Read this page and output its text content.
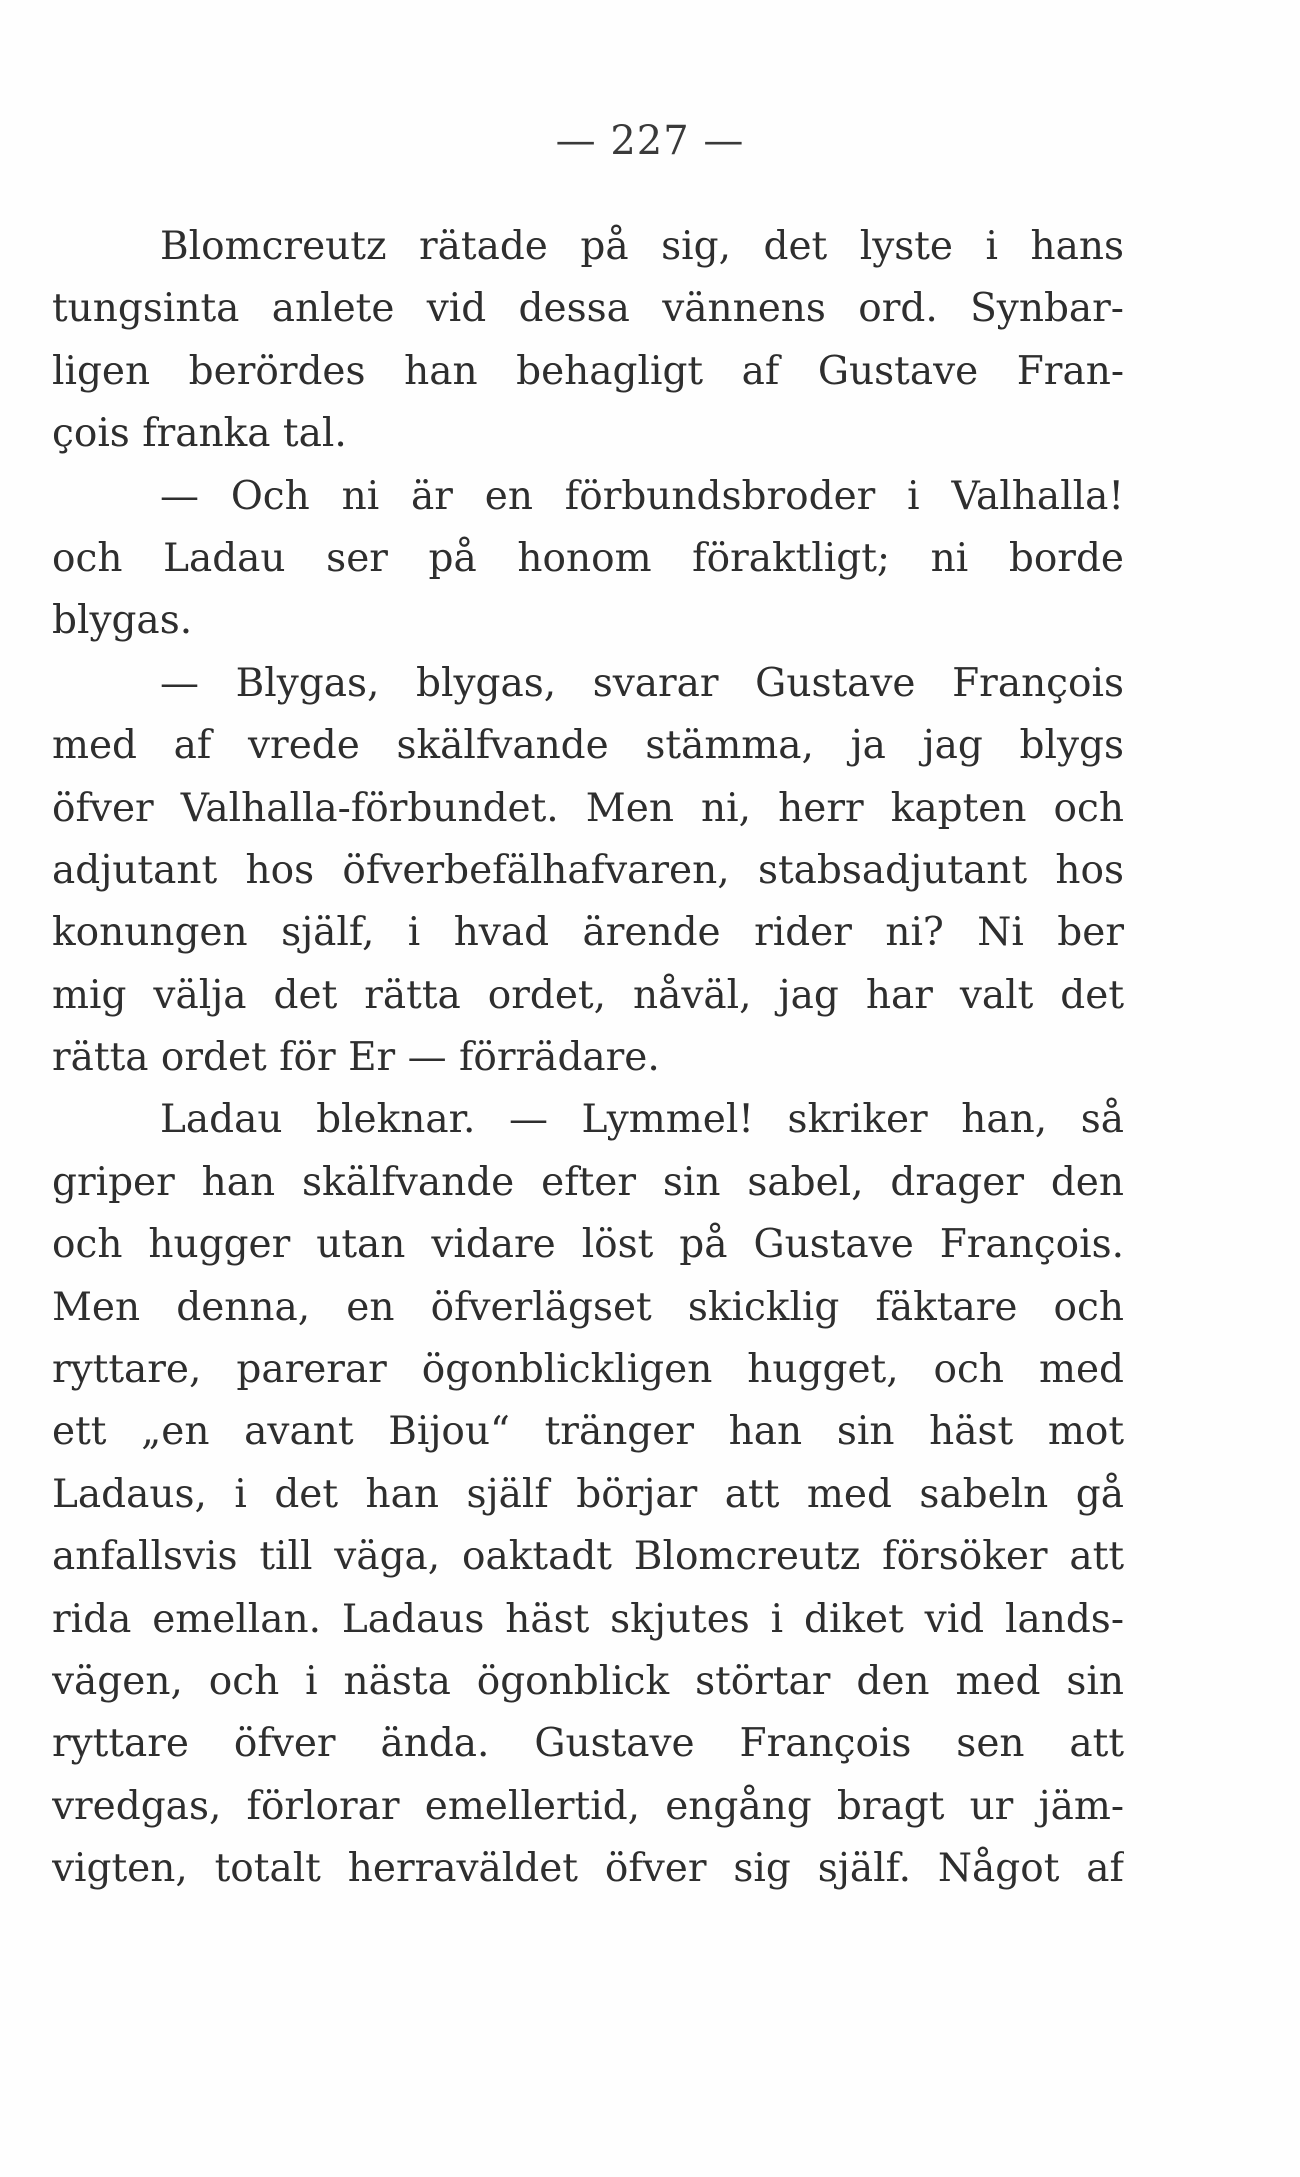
— 227 —
Blomcreutz rätade på sig, det lyste i hans
tungsinta anlete vid dessa vännens ord. Synbar-
ligen berördes han behagligt af Gustave Fran-
çois franka tal.
— Och ni är en förbundsbroder i Valhalla!
och Ladau ser på honom föraktligt; ni borde
blygas.
— Blygas, blygas, svarar Gustave François
med af vrede skälfvande stämma, ja jag blygs
öfver Valhalla-förbundet. Men ni, herr kapten och
adjutant hos öfverbefälhafvaren, stabsadjutant hos
konungen själf, i hvad ärende rider ni? Ni ber
mig välja det rätta ordet, nåväl, jag har valt det
rätta ordet för Er — förrädare.
Ladau bleknar. — Lymmel! skriker han, så
griper han skälfvande efter sin sabel, drager den
och hugger utan vidare löst på Gustave François.
Men denna, en öfverlägset skicklig fäktare och
ryttare, parerar ögonblickligen hugget, och med
ett „en avant Bijou“ tränger han sin häst mot
Ladaus, i det han själf börjar att med sabeln gå
anfallsvis till väga, oaktadt Blomcreutz försöker att
rida emellan. Ladaus häst skjutes i diket vid lands-
vägen, och i nästa ögonblick störtar den med sin
ryttare öfver ända. Gustave François sen att
vredgas, förlorar emellertid, engång bragt ur jäm-
vigten, totalt herraväldet öfver sig själf. Något af
